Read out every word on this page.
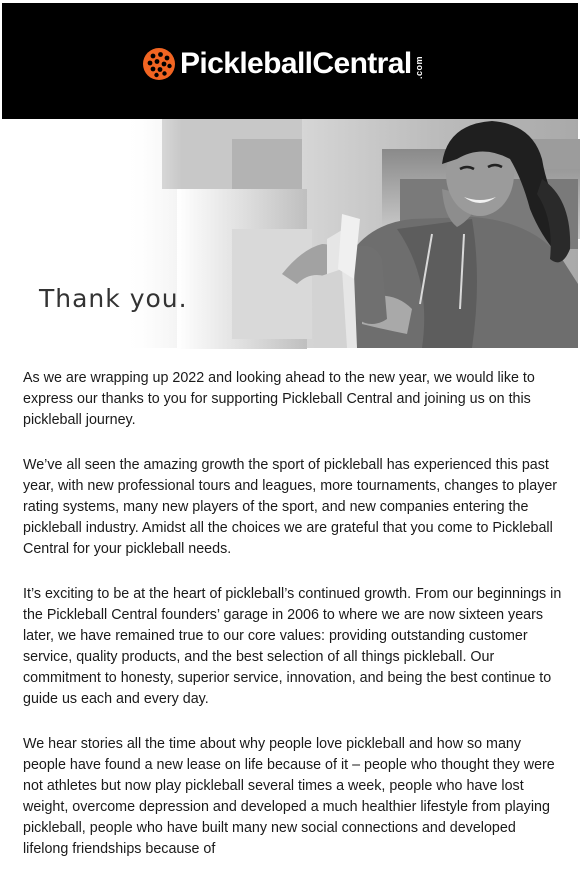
PickleballCentral .com
Thank you.

As we are wrapping up 2022 and looking ahead to the new year, we would like to express our thanks to you for supporting Pickleball Central and joining us on this pickleball journey.

We’ve all seen the amazing growth the sport of pickleball has experienced this past year, with new professional tours and leagues, more tournaments, changes to player rating systems, many new players of the sport, and new companies entering the pickleball industry. Amidst all the choices we are grateful that you come to Pickleball Central for your pickleball needs.

It’s exciting to be at the heart of pickleball’s continued growth. From our beginnings in the Pickleball Central founders’ garage in 2006 to where we are now sixteen years later, we have remained true to our core values: providing outstanding customer service, quality products, and the best selection of all things pickleball. Our commitment to honesty, superior service, innovation, and being the best continue to guide us each and every day.

We hear stories all the time about why people love pickleball and how so many people have found a new lease on life because of it – people who thought they were not athletes but now play pickleball several times a week, people who have lost weight, overcome depression and developed a much healthier lifestyle from playing pickleball, people who have built many new social connections and developed lifelong friendships because of
